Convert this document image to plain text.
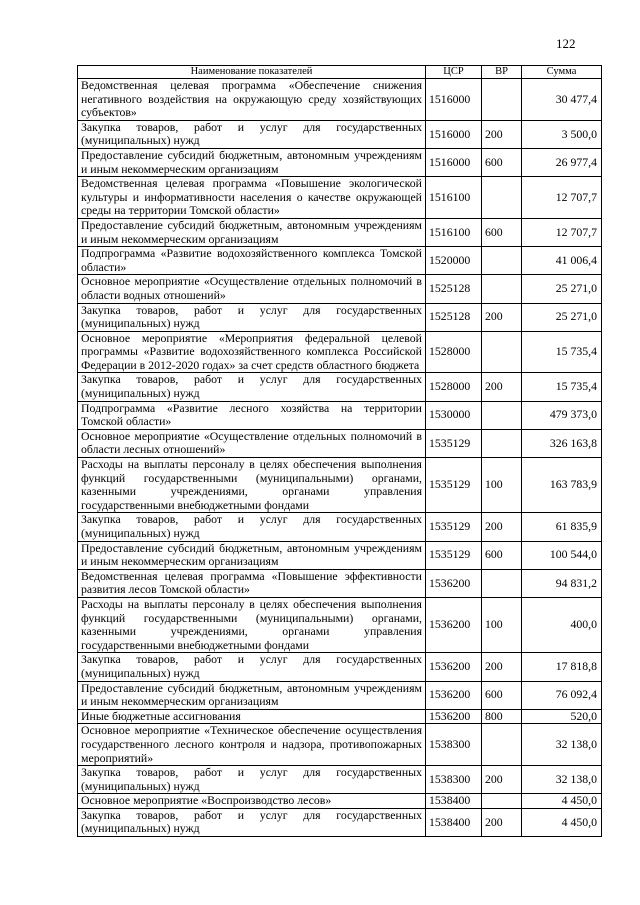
122
Наименование показателей	ЦСР	ВР	Сумма
Ведомственная целевая программа «Обеспечение снижения негативного воздействия на окружающую среду хозяйствующих субъектов»	1516000		30 477,4
Закупка товаров, работ и услуг для государственных (муниципальных) нужд	1516000	200	3 500,0
Предоставление субсидий бюджетным, автономным учреждениям и иным некоммерческим организациям	1516000	600	26 977,4
Ведомственная целевая программа «Повышение экологической культуры и информативности населения о качестве окружающей среды на территории Томской области»	1516100		12 707,7
Предоставление субсидий бюджетным, автономным учреждениям и иным некоммерческим организациям	1516100	600	12 707,7
Подпрограмма «Развитие водохозяйственного комплекса Томской области»	1520000		41 006,4
Основное мероприятие «Осуществление отдельных полномочий в области водных отношений»	1525128		25 271,0
Закупка товаров, работ и услуг для государственных (муниципальных) нужд	1525128	200	25 271,0
Основное мероприятие «Мероприятия федеральной целевой программы «Развитие водохозяйственного комплекса Российской Федерации в 2012-2020 годах» за счет средств областного бюджета	1528000		15 735,4
Закупка товаров, работ и услуг для государственных (муниципальных) нужд	1528000	200	15 735,4
Подпрограмма «Развитие лесного хозяйства на территории Томской области»	1530000		479 373,0
Основное мероприятие «Осуществление отдельных полномочий в области лесных отношений»	1535129		326 163,8
Расходы на выплаты персоналу в целях обеспечения выполнения функций государственными (муниципальными) органами, казенными учреждениями, органами управления государственными внебюджетными фондами	1535129	100	163 783,9
Закупка товаров, работ и услуг для государственных (муниципальных) нужд	1535129	200	61 835,9
Предоставление субсидий бюджетным, автономным учреждениям и иным некоммерческим организациям	1535129	600	100 544,0
Ведомственная целевая программа «Повышение эффективности развития лесов Томской области»	1536200		94 831,2
Расходы на выплаты персоналу в целях обеспечения выполнения функций государственными (муниципальными) органами, казенными учреждениями, органами управления государственными внебюджетными фондами	1536200	100	400,0
Закупка товаров, работ и услуг для государственных (муниципальных) нужд	1536200	200	17 818,8
Предоставление субсидий бюджетным, автономным учреждениям и иным некоммерческим организациям	1536200	600	76 092,4
Иные бюджетные ассигнования	1536200	800	520,0
Основное мероприятие «Техническое обеспечение осуществления государственного лесного контроля и надзора, противопожарных мероприятий»	1538300		32 138,0
Закупка товаров, работ и услуг для государственных (муниципальных) нужд	1538300	200	32 138,0
Основное мероприятие «Воспроизводство лесов»	1538400		4 450,0
Закупка товаров, работ и услуг для государственных (муниципальных) нужд	1538400	200	4 450,0
